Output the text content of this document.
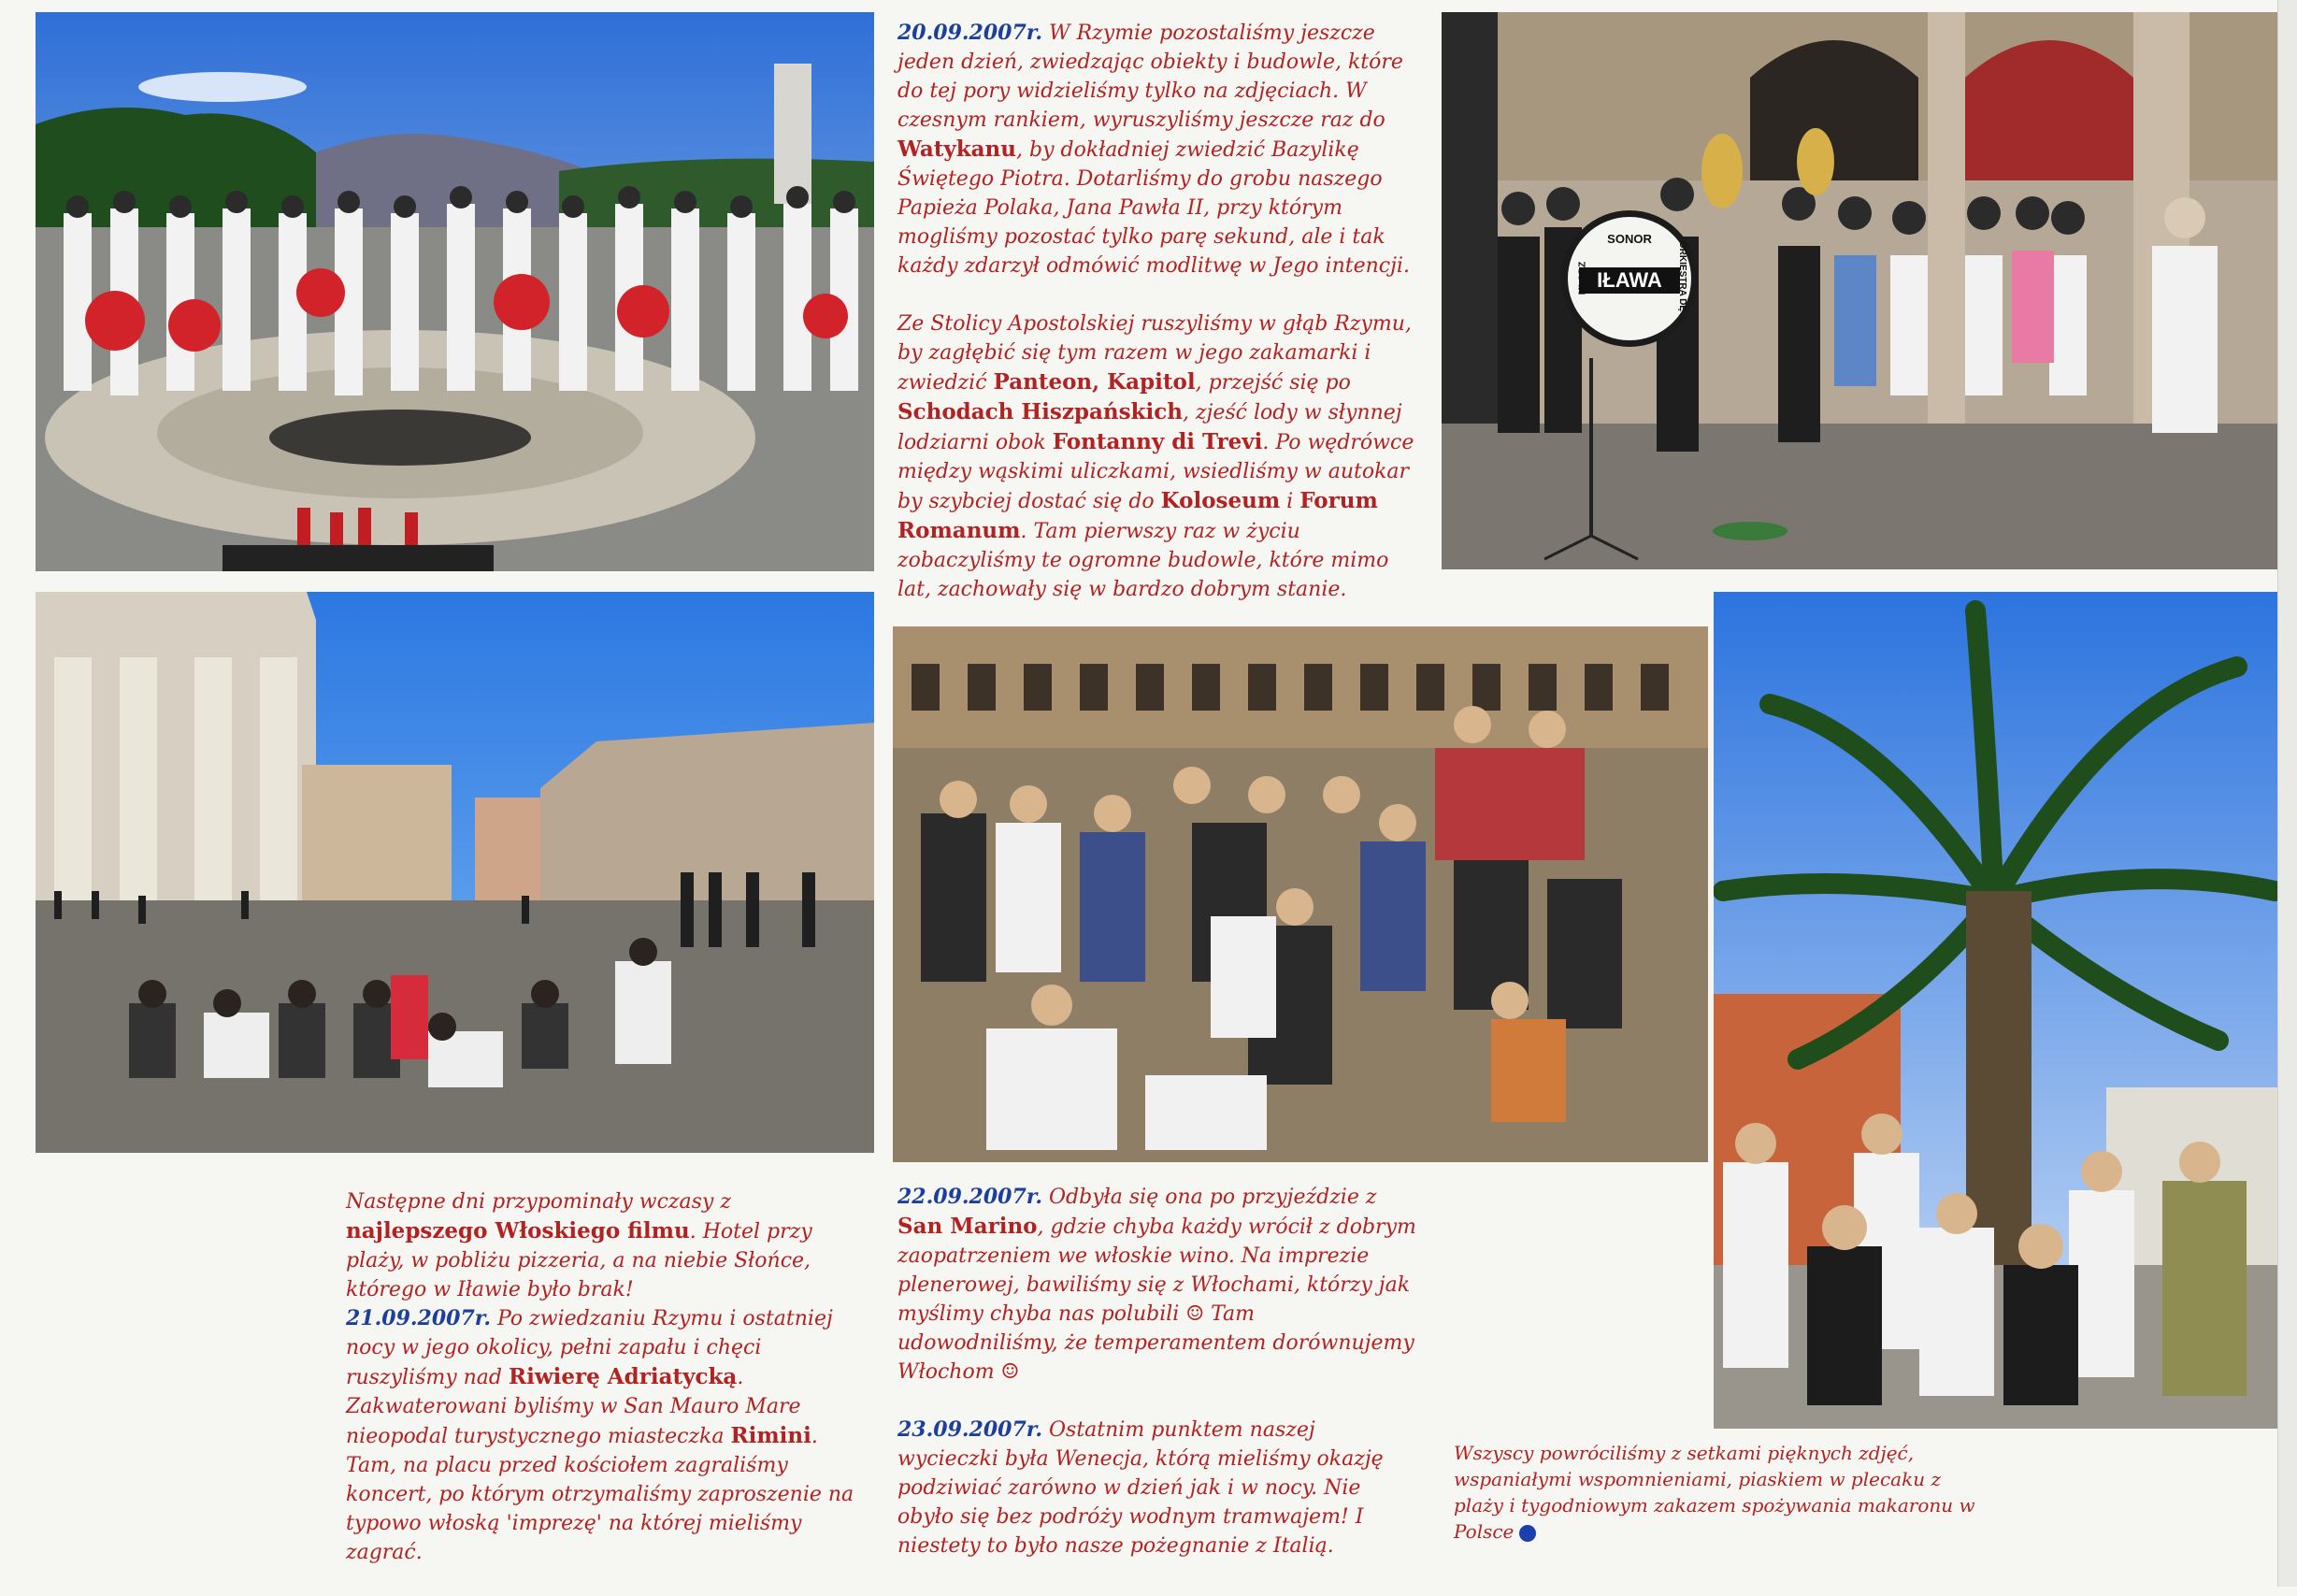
SONOR
IŁAWA
MŁODZ	ORKIESTRA DĘ

20.09.2007r. W Rzymie pozostaliśmy jeszcze jeden dzień, zwiedzając obiekty i budowle, które do tej pory widzieliśmy tylko na zdjęciach. W czesnym rankiem, wyruszyliśmy jeszcze raz do Watykanu, by dokładniej zwiedzić Bazylikę Świętego Piotra. Dotarliśmy do grobu naszego Papieża Polaka, Jana Pawła II, przy którym mogliśmy pozostać tylko parę sekund, ale i tak każdy zdarzył odmówić modlitwę w Jego intencji.

Ze Stolicy Apostolskiej ruszyliśmy w głąb Rzymu, by zagłębić się tym razem w jego zakamarki i zwiedzić Panteon, Kapitol, przejść się po Schodach Hiszpańskich, zjeść lody w słynnej lodziarni obok Fontanny di Trevi. Po wędrówce między wąskimi uliczkami, wsiedliśmy w autokar by szybciej dostać się do Koloseum i Forum Romanum. Tam pierwszy raz w życiu zobaczyliśmy te ogromne budowle, które mimo lat, zachowały się w bardzo dobrym stanie.

Następne dni przypominały wczasy z najlepszego Włoskiego filmu. Hotel przy plaży, w pobliżu pizzeria, a na niebie Słońce, którego w Iławie było brak!
21.09.2007r. Po zwiedzaniu Rzymu i ostatniej nocy w jego okolicy, pełni zapału i chęci ruszyliśmy nad Riwierę Adriatycką. Zakwaterowani byliśmy w San Mauro Mare nieopodal turystycznego miasteczka Rimini. Tam, na placu przed kościołem zagraliśmy koncert, po którym otrzymaliśmy zaproszenie na typowo włoską 'imprezę' na której mieliśmy zagrać.

22.09.2007r. Odbyła się ona po przyjeździe z San Marino, gdzie chyba każdy wrócił z dobrym zaopatrzeniem we włoskie wino. Na imprezie plenerowej, bawiliśmy się z Włochami, którzy jak myślimy chyba nas polubili ☺ Tam udowodniliśmy, że temperamentem dorównujemy Włochom ☺

23.09.2007r. Ostatnim punktem naszej wycieczki była Wenecja, którą mieliśmy okazję podziwiać zarówno w dzień jak i w nocy. Nie obyło się bez podróży wodnym tramwajem! I niestety to było nasze pożegnanie z Italią.

Wszyscy powróciliśmy z setkami pięknych zdjęć, wspaniałymi wspomnieniami, piaskiem w plecaku z plaży i tygodniowym zakazem spożywania makaronu w Polsce
